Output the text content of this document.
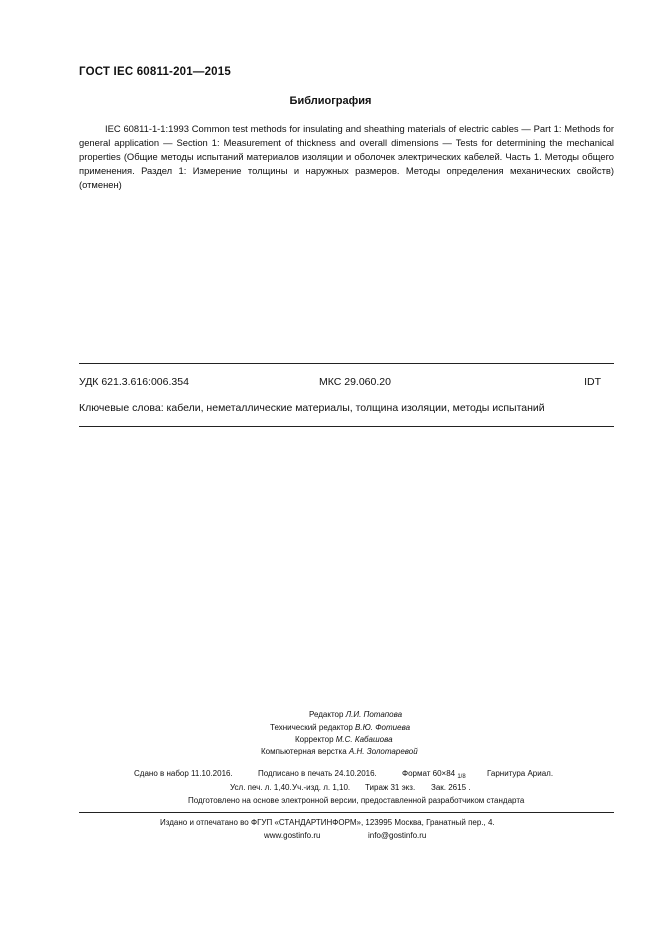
ГОСТ IEC 60811-201—2015
Библиография

IEC 60811-1-1:1993 Common test methods for insulating and sheathing materials of electric cables — Part 1: Methods for general application — Section 1: Measurement of thickness and overall dimensions — Tests for determining the mechanical properties (Общие методы испытаний материалов изоляции и оболочек электрических кабелей. Часть 1. Методы общего применения. Раздел 1: Измерение толщины и наружных размеров. Методы определения механических свойств) (отменен)

УДК 621.3.616:006.354	МКС 29.060.20	IDT
Ключевые слова: кабели, неметаллические материалы, толщина изоляции, методы испытаний
Редактор Л.И. Потапова
Технический редактор В.Ю. Фотиева
Корректор М.С. Кабашова
Компьютерная верстка А.Н. Золотаревой
Сдано в набор 11.10.2016.	Подписано в печать 24.10.2016.	Формат 60×84 1/8	Гарнитура Ариал.
Усл. печ. л. 1,40. Уч.-изд. л. 1,10. Тираж 31 экз. Зак. 2615 .
Подготовлено на основе электронной версии, предоставленной разработчиком стандарта
Издано и отпечатано во ФГУП «СТАНДАРТИНФОРМ», 123995 Москва, Гранатный пер., 4.
www.gostinfo.ru	info@gostinfo.ru
